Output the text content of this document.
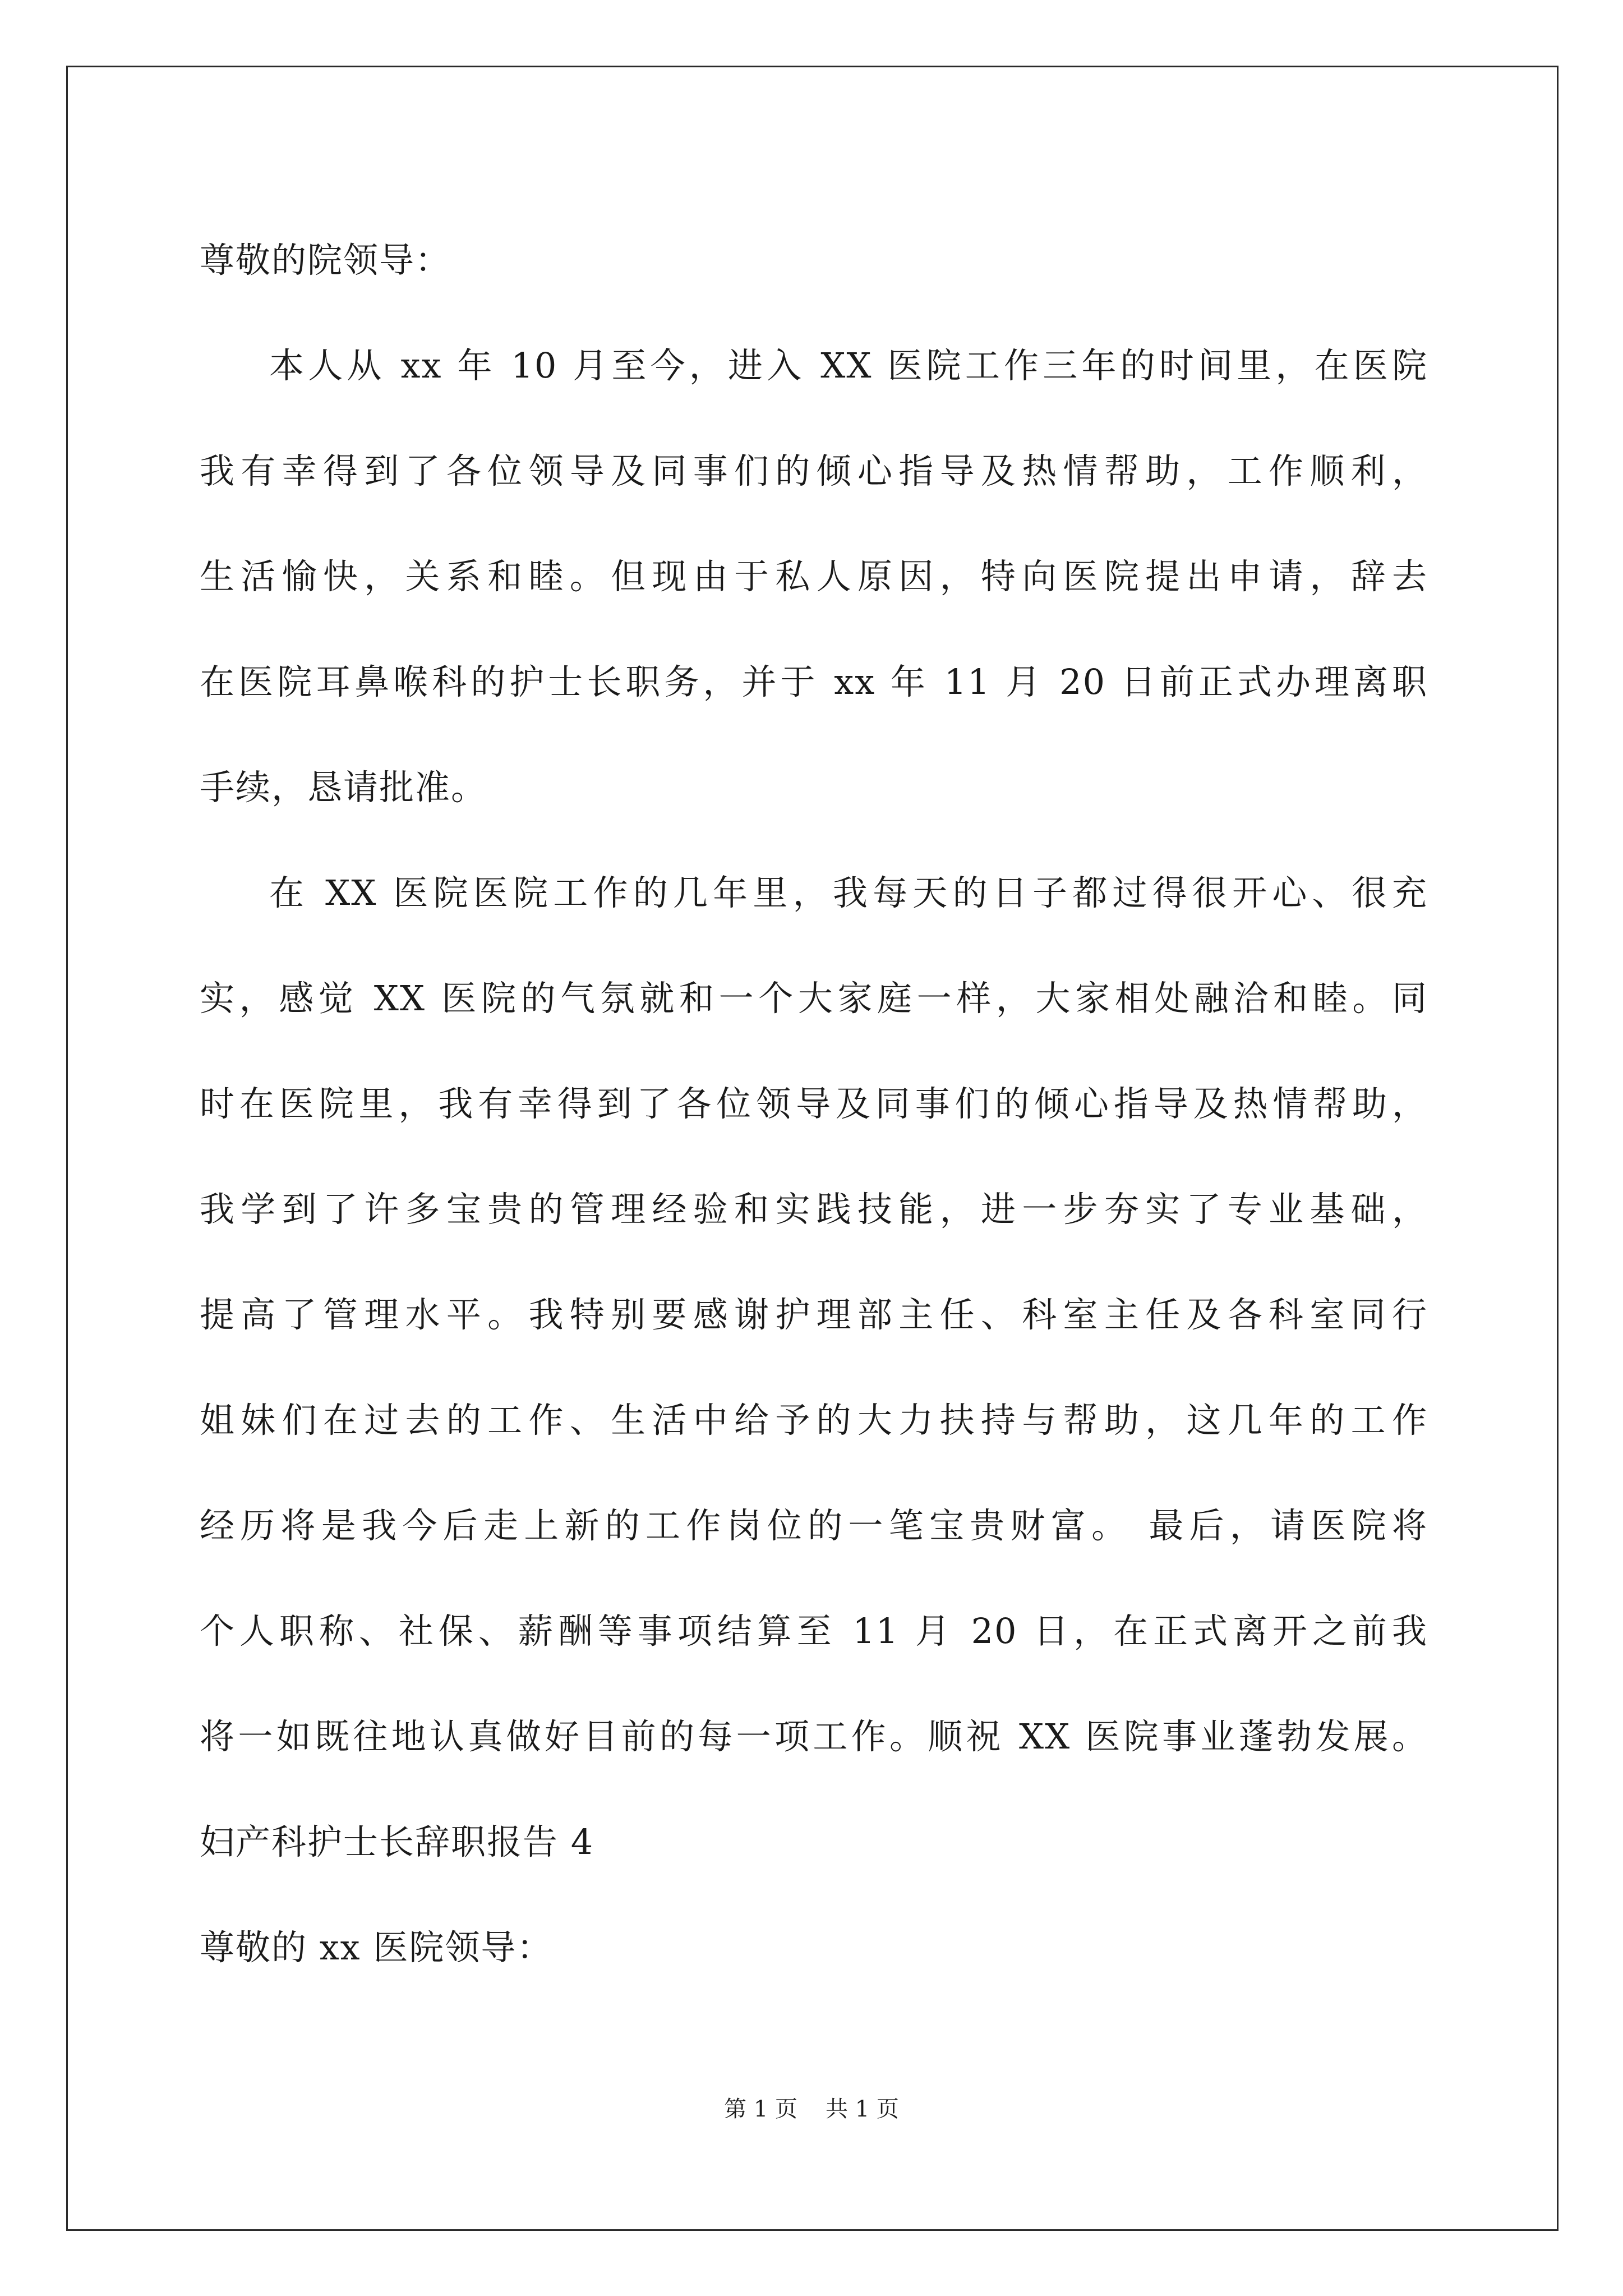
尊敬的院领导：
本人从 xx 年 10 月至今，进入 XX 医院工作三年的时间里，在医院
我有幸得到了各位领导及同事们的倾心指导及热情帮助，工作顺利，
生活愉快，关系和睦。但现由于私人原因，特向医院提出申请，辞去
在医院耳鼻喉科的护士长职务，并于 xx 年 11 月 20 日前正式办理离职
手续，恳请批准。
在 XX 医院医院工作的几年里，我每天的日子都过得很开心、很充
实，感觉 XX 医院的气氛就和一个大家庭一样，大家相处融洽和睦。同
时在医院里，我有幸得到了各位领导及同事们的倾心指导及热情帮助，
我学到了许多宝贵的管理经验和实践技能，进一步夯实了专业基础，
提高了管理水平。我特别要感谢护理部主任、科室主任及各科室同行
姐妹们在过去的工作、生活中给予的大力扶持与帮助，这几年的工作
经历将是我今后走上新的工作岗位的一笔宝贵财富。 最后，请医院将
个人职称、社保、薪酬等事项结算至 11 月 20 日，在正式离开之前我
将一如既往地认真做好目前的每一项工作。顺祝 XX 医院事业蓬勃发展。
妇产科护士长辞职报告 4
尊敬的 xx 医院领导：
第 1 页 共 1 页
